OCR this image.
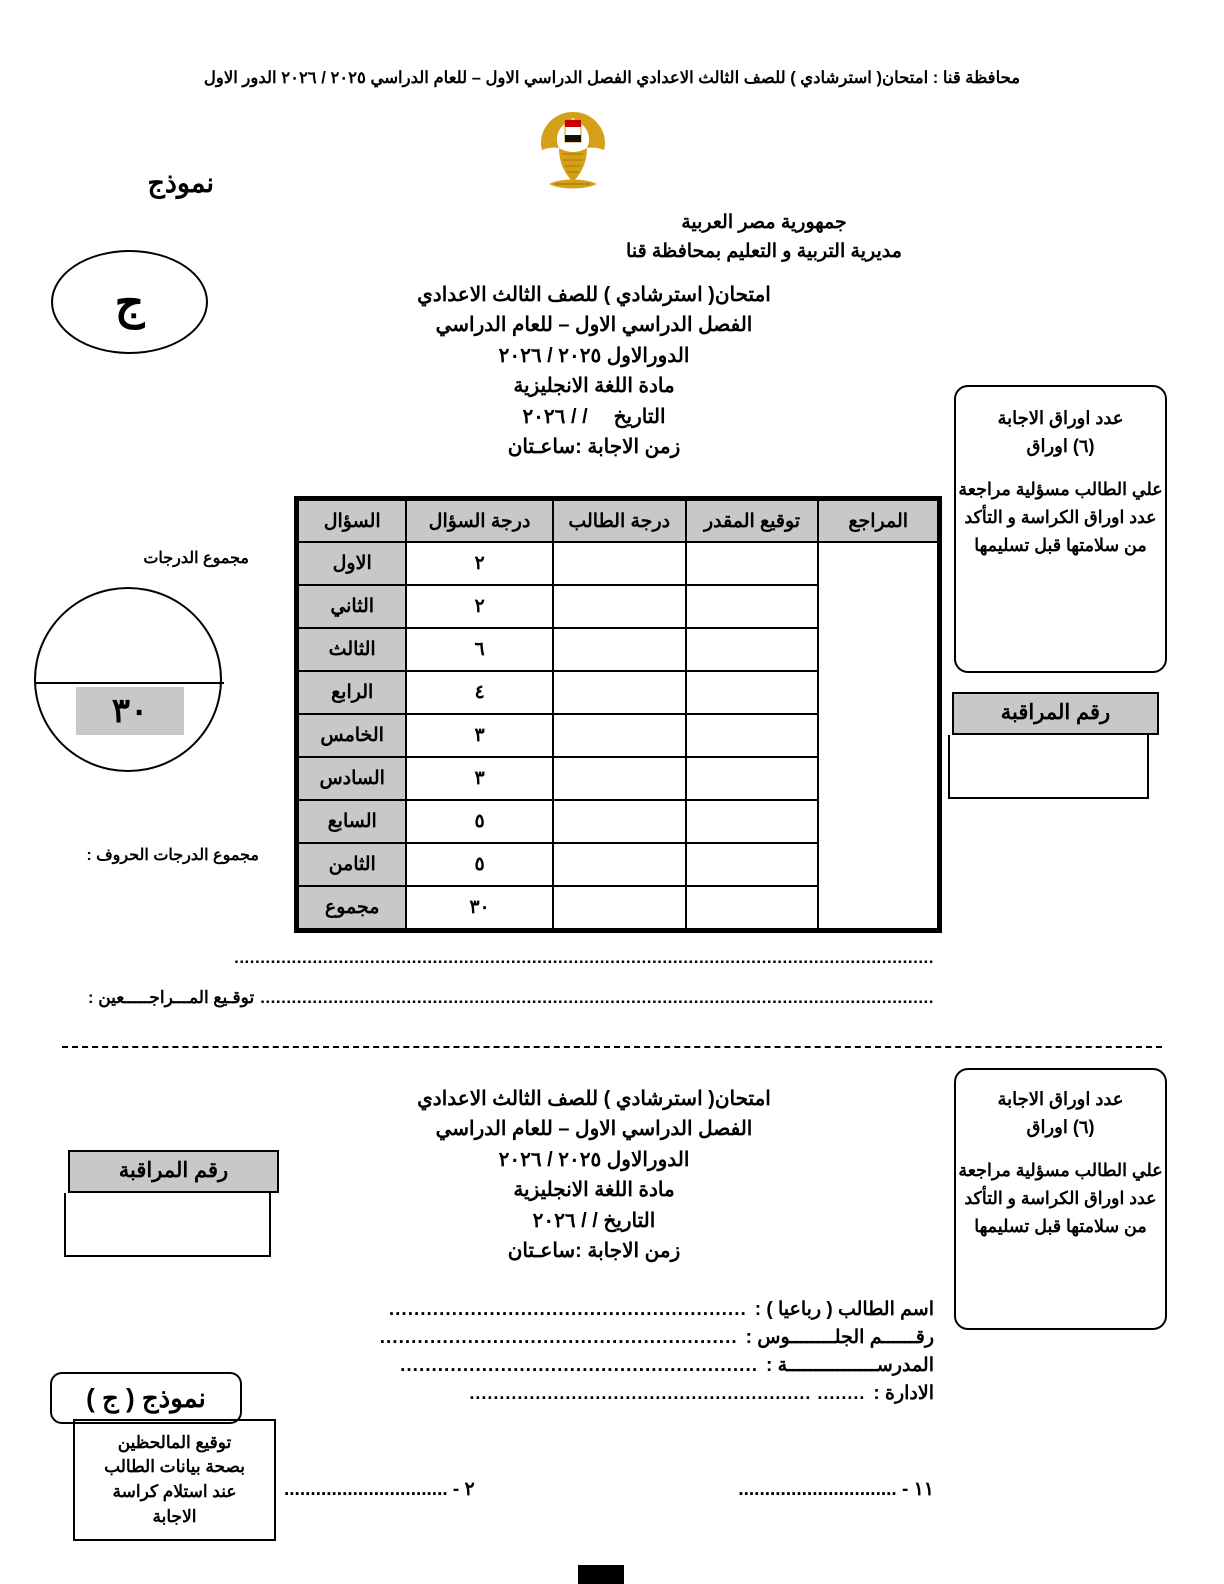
محافظة قنا : امتحان( استرشادي ) للصف الثالث الاعدادي الفصل الدراسي الاول – للعام الدراسي ٢٠٢٥ / ٢٠٢٦ الدور الاول
نموذج
ج
جمهورية مصر العربية
مديرية التربية و التعليم بمحافظة قنا
امتحان( استرشادي ) للصف الثالث الاعدادي
الفصل الدراسي الاول – للعام الدراسي
الدورالاول ٢٠٢٥ / ٢٠٢٦
مادة اللغة الانجليزية
التاريخ
/ / ٢٠٢٦
زمن الاجابة :ساعـتان
عدد اوراق الاجابة
(٦) اوراق
علي الطالب مسؤلية مراجعة عدد اوراق الكراسة و التأكد من سلامتها قبل تسليمها
رقم المراقبة
المراجع	توقيع المقدر	درجة الطالب	درجة السؤال	السؤال
			٢	الاول
			٢	الثاني
			٦	الثالث
			٤	الرابع
			٣	الخامس
			٣	السادس
			٥	السابع
			٥	الثامن
			٣٠	مجموع
مجموع الدرجات
٣٠
مجموع الدرجات الحروف :
......................................................................................................................................
.................................................................................................................................
توقـيع المـــراجـــــعين :
امتحان( استرشادي ) للصف الثالث الاعدادي
الفصل الدراسي الاول – للعام الدراسي
الدورالاول ٢٠٢٥ / ٢٠٢٦
مادة اللغة الانجليزية
التاريخ / / ٢٠٢٦
زمن الاجابة :ساعـتان
عدد اوراق الاجابة
(٦) اوراق
علي الطالب مسؤلية مراجعة عدد اوراق الكراسة و التأكد من سلامتها قبل تسليمها
رقم المراقبة
اسم الطالب ( رباعيا ) :
.........................................................
رقــــــم الجلــــــــوس :
.........................................................
المدرســــــــــــــــة :
.........................................................
الادارة :
......................................................... ........
١١ - ..............................
٢ - ...............................
نموذج ( ج )
توقيع المالحظين
بصحة بيانات الطالب
عند استلام كراسة
الاجابة
